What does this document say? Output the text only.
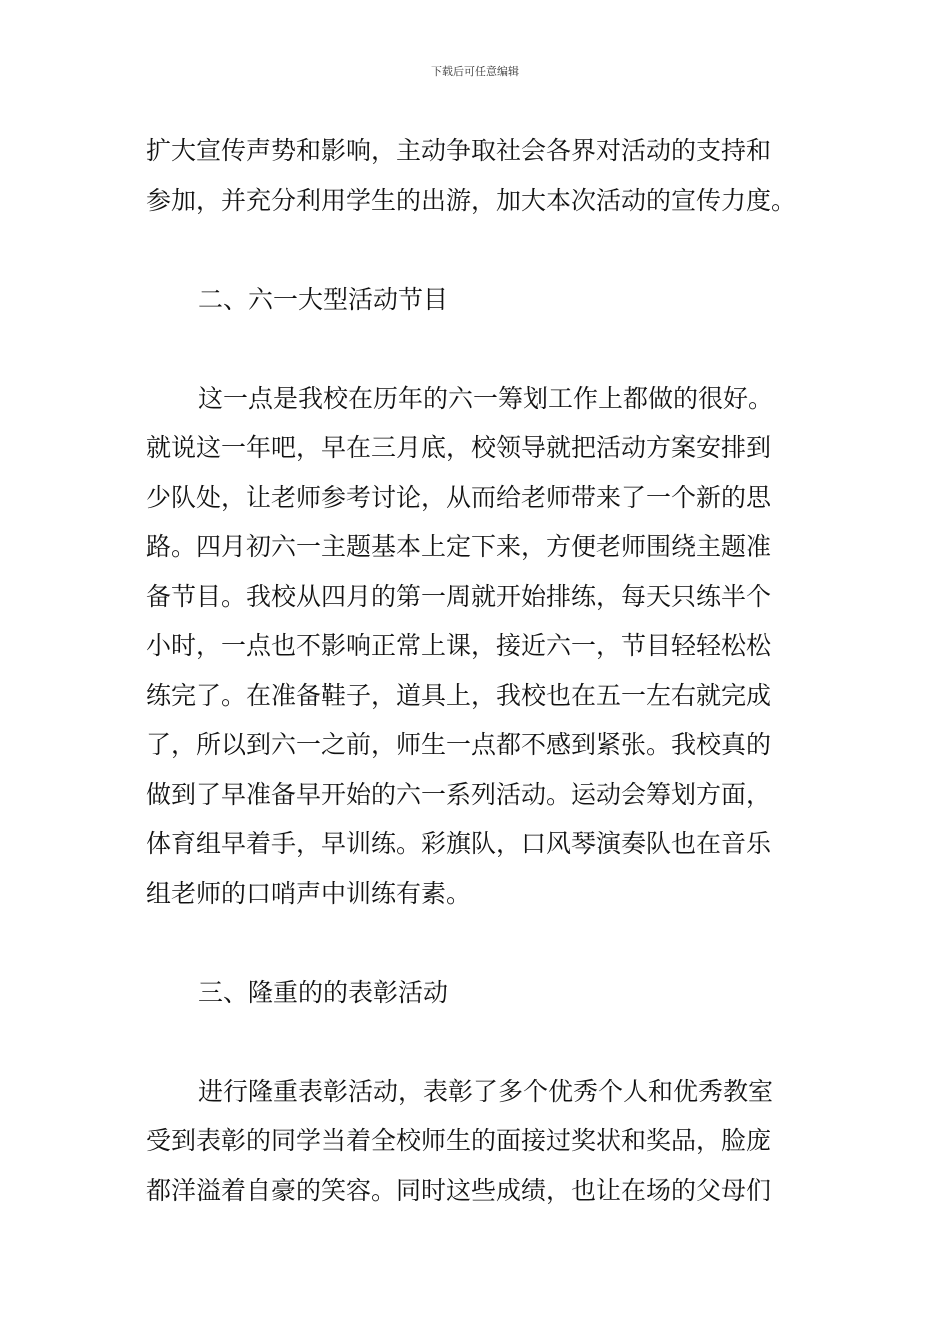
下载后可任意编辑
扩大宣传声势和影响，主动争取社会各界对活动的支持和
参加，并充分利用学生的出游，加大本次活动的宣传力度。
二、六一大型活动节目
这一点是我校在历年的六一筹划工作上都做的很好。
就说这一年吧，早在三月底，校领导就把活动方案安排到
少队处，让老师参考讨论，从而给老师带来了一个新的思
路。四月初六一主题基本上定下来，方便老师围绕主题准
备节目。我校从四月的第一周就开始排练，每天只练半个
小时，一点也不影响正常上课，接近六一，节目轻轻松松
练完了。在准备鞋子，道具上，我校也在五一左右就完成
了，所以到六一之前，师生一点都不感到紧张。我校真的
做到了早准备早开始的六一系列活动。运动会筹划方面，
体育组早着手，早训练。彩旗队，口风琴演奏队也在音乐
组老师的口哨声中训练有素。
三、隆重的的表彰活动
进行隆重表彰活动，表彰了多个优秀个人和优秀教室
受到表彰的同学当着全校师生的面接过奖状和奖品，脸庞
都洋溢着自豪的笑容。同时这些成绩，也让在场的父母们
